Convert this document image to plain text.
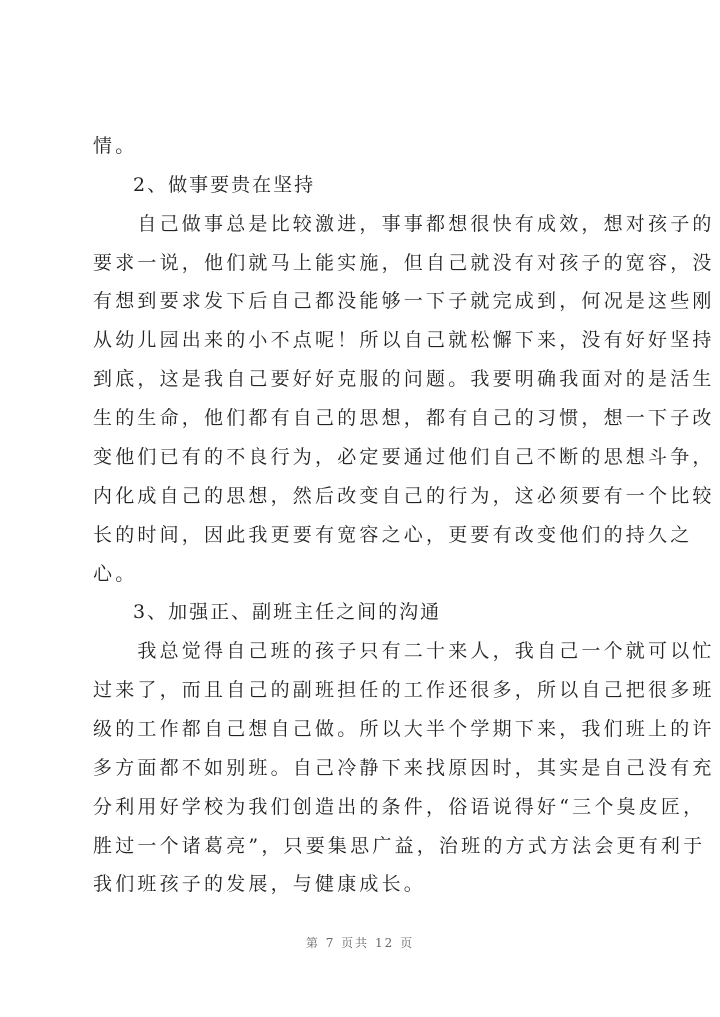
情。
2、做事要贵在坚持
　　自己做事总是比较激进，事事都想很快有成效，想对孩子的
要求一说，他们就马上能实施，但自己就没有对孩子的宽容，没
有想到要求发下后自己都没能够一下子就完成到，何况是这些刚
从幼儿园出来的小不点呢！所以自己就松懈下来，没有好好坚持
到底，这是我自己要好好克服的问题。我要明确我面对的是活生
生的生命，他们都有自己的思想，都有自己的习惯，想一下子改
变他们已有的不良行为，必定要通过他们自己不断的思想斗争，
内化成自己的思想，然后改变自己的行为，这必须要有一个比较
长的时间，因此我更要有宽容之心，更要有改变他们的持久之
心。
3、加强正、副班主任之间的沟通
　　我总觉得自己班的孩子只有二十来人，我自己一个就可以忙
过来了，而且自己的副班担任的工作还很多，所以自己把很多班
级的工作都自己想自己做。所以大半个学期下来，我们班上的许
多方面都不如别班。自己冷静下来找原因时，其实是自己没有充
分利用好学校为我们创造出的条件，俗语说得好“三个臭皮匠，
胜过一个诸葛亮”，只要集思广益，治班的方式方法会更有利于
我们班孩子的发展，与健康成长。
第 7 页共 12 页
